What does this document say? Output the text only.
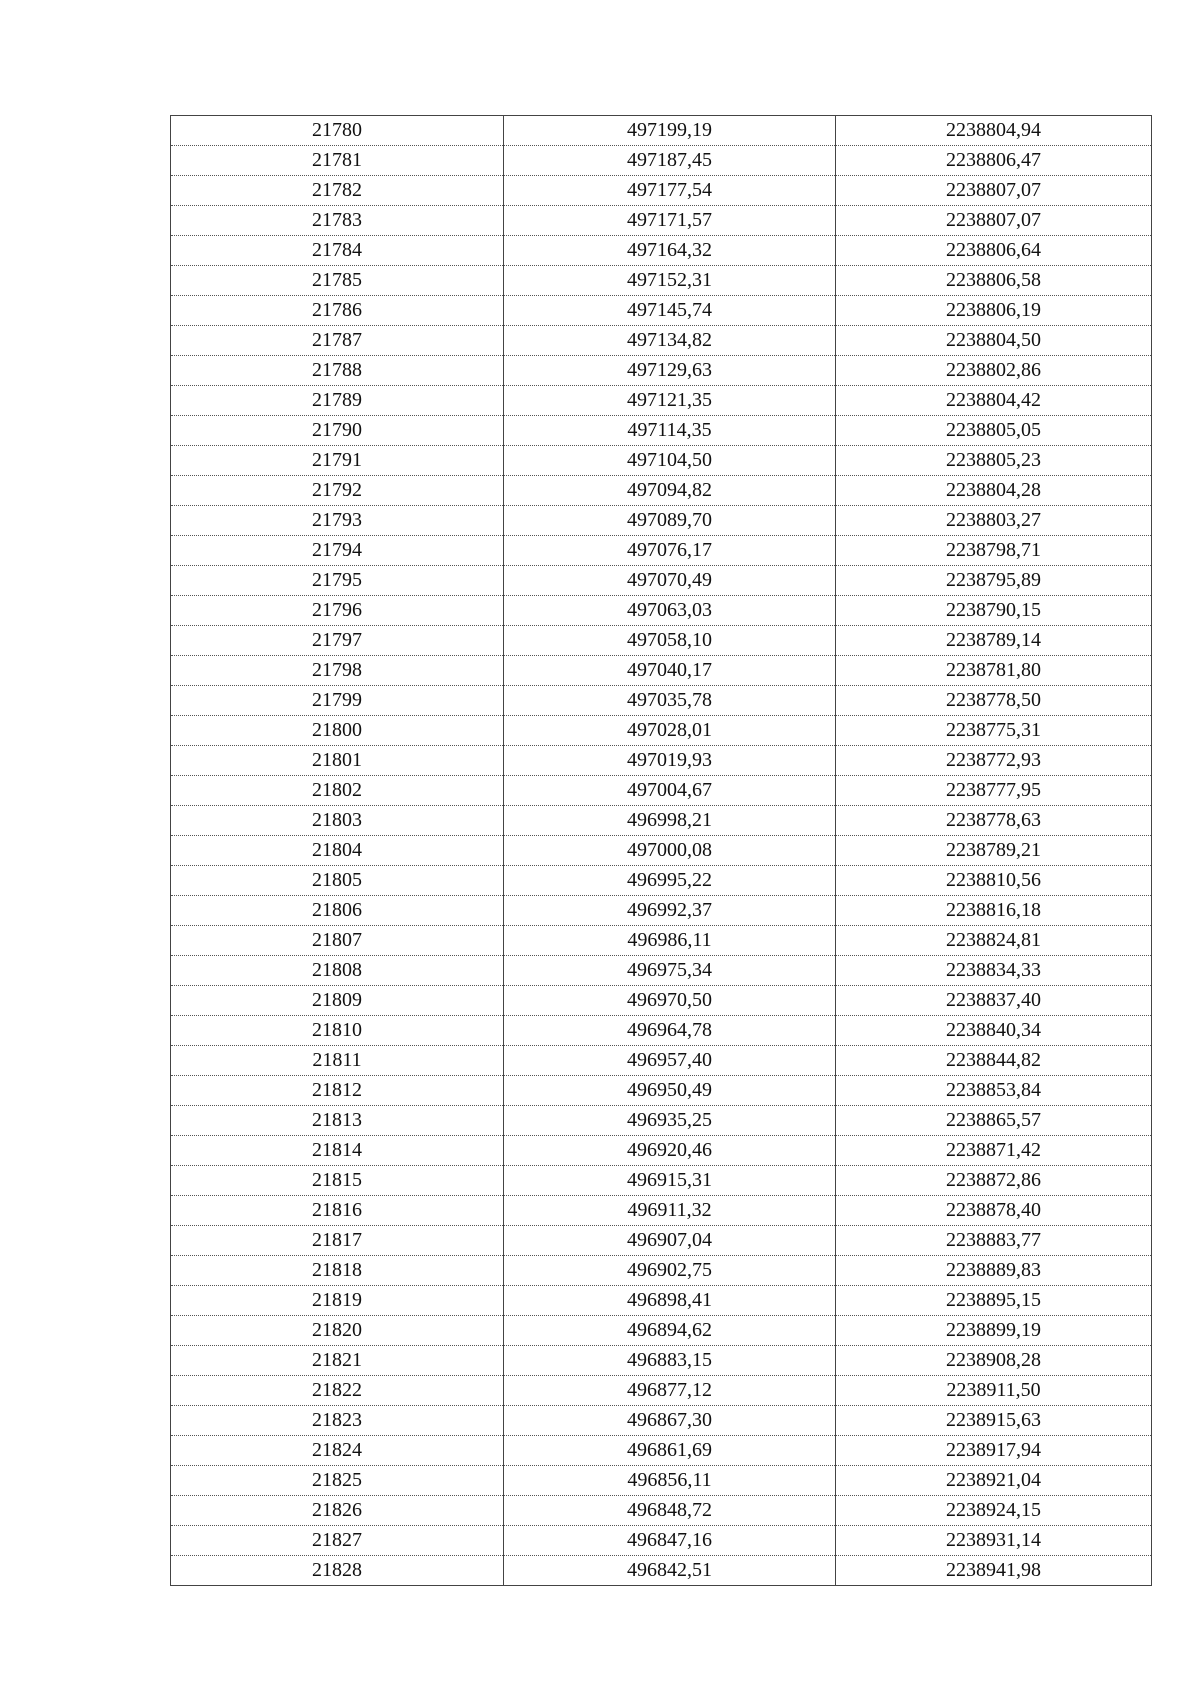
21780	497199,19	2238804,94
21781	497187,45	2238806,47
21782	497177,54	2238807,07
21783	497171,57	2238807,07
21784	497164,32	2238806,64
21785	497152,31	2238806,58
21786	497145,74	2238806,19
21787	497134,82	2238804,50
21788	497129,63	2238802,86
21789	497121,35	2238804,42
21790	497114,35	2238805,05
21791	497104,50	2238805,23
21792	497094,82	2238804,28
21793	497089,70	2238803,27
21794	497076,17	2238798,71
21795	497070,49	2238795,89
21796	497063,03	2238790,15
21797	497058,10	2238789,14
21798	497040,17	2238781,80
21799	497035,78	2238778,50
21800	497028,01	2238775,31
21801	497019,93	2238772,93
21802	497004,67	2238777,95
21803	496998,21	2238778,63
21804	497000,08	2238789,21
21805	496995,22	2238810,56
21806	496992,37	2238816,18
21807	496986,11	2238824,81
21808	496975,34	2238834,33
21809	496970,50	2238837,40
21810	496964,78	2238840,34
21811	496957,40	2238844,82
21812	496950,49	2238853,84
21813	496935,25	2238865,57
21814	496920,46	2238871,42
21815	496915,31	2238872,86
21816	496911,32	2238878,40
21817	496907,04	2238883,77
21818	496902,75	2238889,83
21819	496898,41	2238895,15
21820	496894,62	2238899,19
21821	496883,15	2238908,28
21822	496877,12	2238911,50
21823	496867,30	2238915,63
21824	496861,69	2238917,94
21825	496856,11	2238921,04
21826	496848,72	2238924,15
21827	496847,16	2238931,14
21828	496842,51	2238941,98
